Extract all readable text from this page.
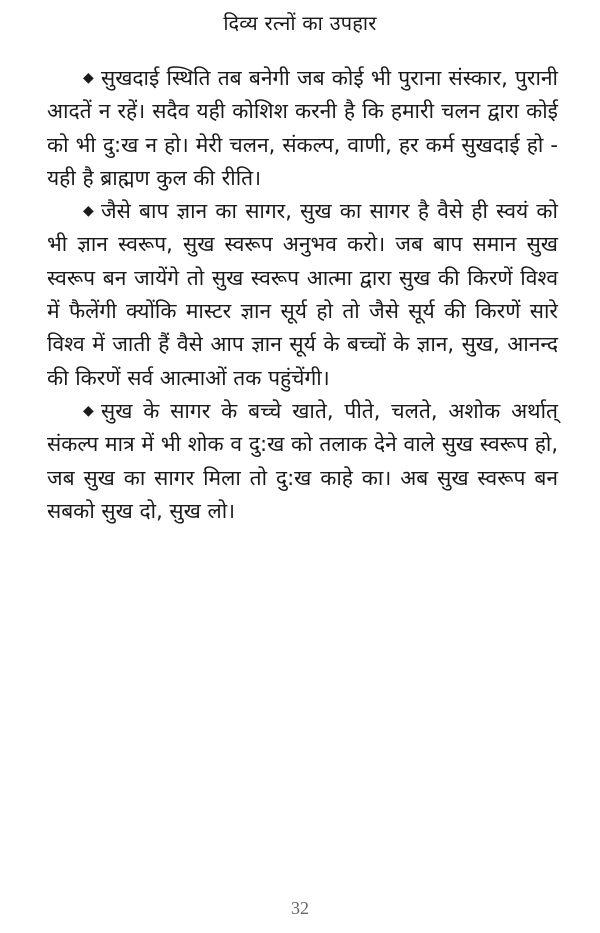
दिव्य रत्नों का उपहार

◆ सुखदाई स्थिति तब बनेगी जब कोई भी पुराना संस्कार, पुरानी आदतें न रहें। सदैव यही कोशिश करनी है कि हमारी चलन द्वारा कोई को भी दु:ख न हो। मेरी चलन, संकल्प, वाणी, हर कर्म सुखदाई हो - यही है ब्राह्मण कुल की रीति।

◆ जैसे बाप ज्ञान का सागर, सुख का सागर है वैसे ही स्वयं को भी ज्ञान स्वरूप, सुख स्वरूप अनुभव करो। जब बाप समान सुख स्वरूप बन जायेंगे तो सुख स्वरूप आत्मा द्वारा सुख की किरणें विश्व में फैलेंगी क्योंकि मास्टर ज्ञान सूर्य हो तो जैसे सूर्य की किरणें सारे विश्व में जाती हैं वैसे आप ज्ञान सूर्य के बच्चों के ज्ञान, सुख, आनन्द की किरणें सर्व आत्माओं तक पहुंचेंगी।

◆ सुख के सागर के बच्चे खाते, पीते, चलते, अशोक अर्थात् संकल्प मात्र में भी शोक व दु:ख को तलाक देने वाले सुख स्वरूप हो, जब सुख का सागर मिला तो दु:ख काहे का। अब सुख स्वरूप बन सबको सुख दो, सुख लो।

32
